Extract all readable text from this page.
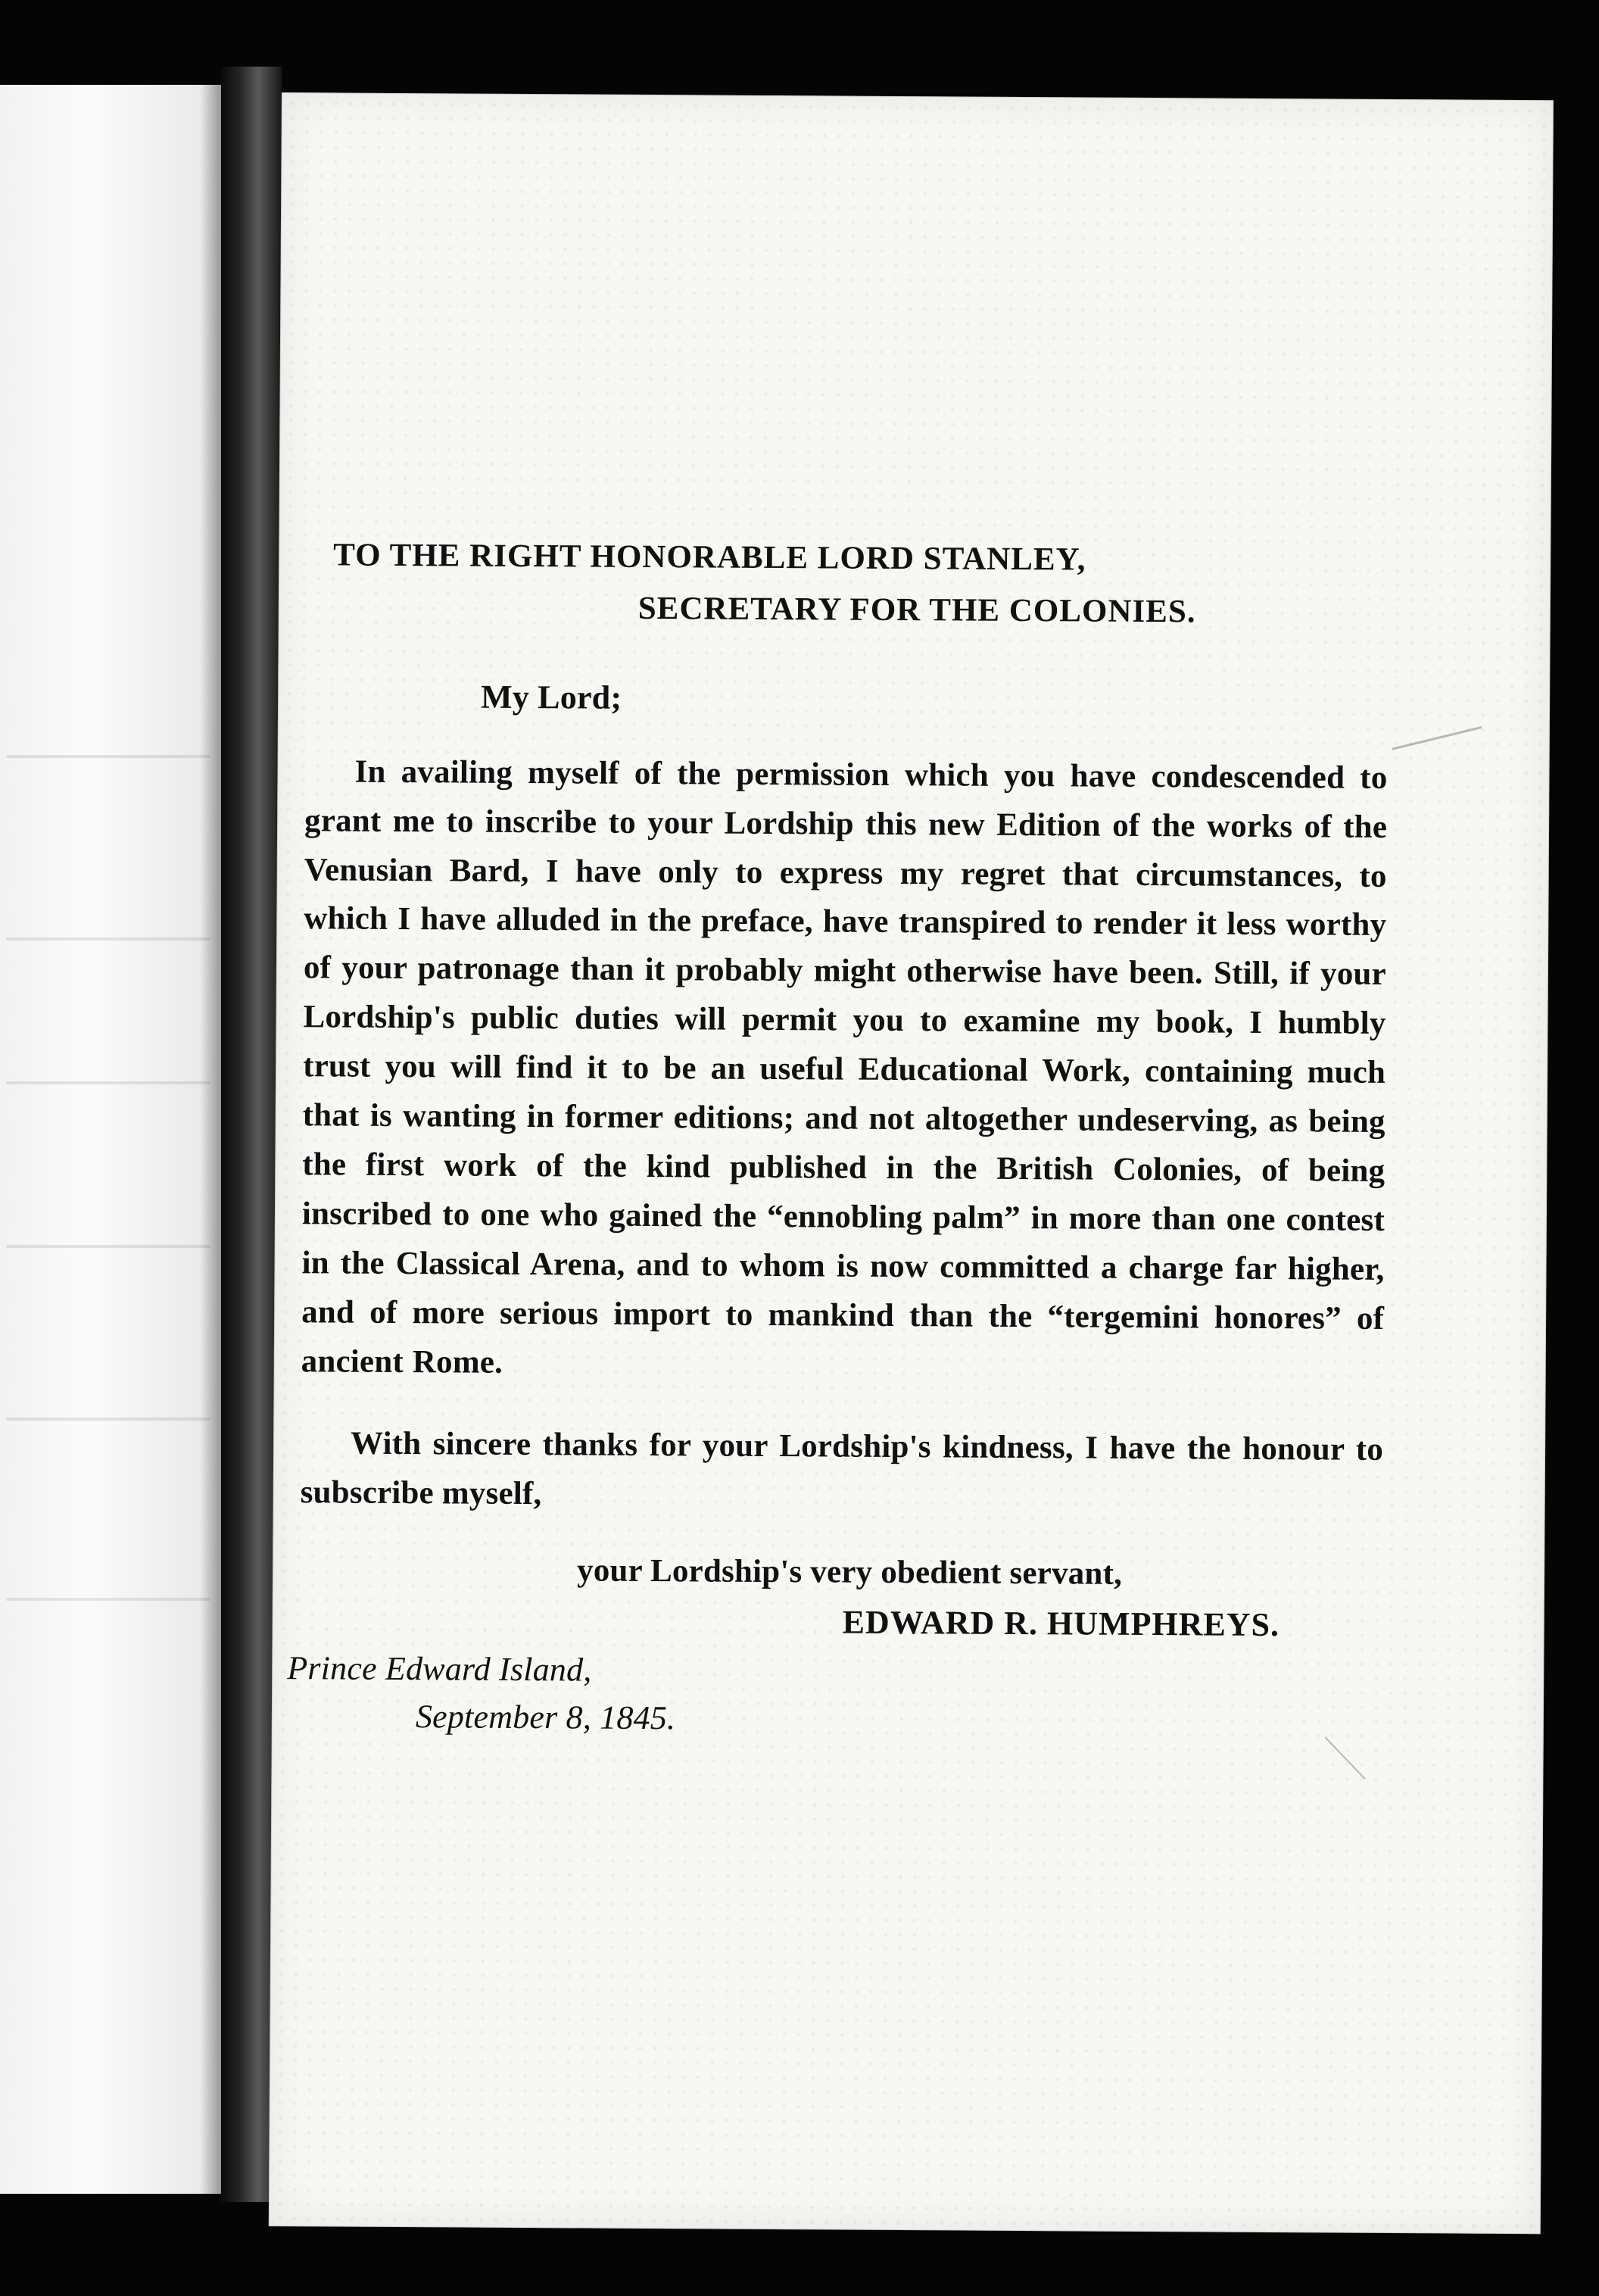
TO THE RIGHT HONORABLE LORD STANLEY,
SECRETARY FOR THE COLONIES.
My Lord;

In availing myself of the permission which you have condescended to grant me to inscribe to your Lordship this new Edition of the works of the Venusian Bard, I have only to express my regret that circumstances, to which I have alluded in the preface, have transpired to render it less worthy of your patronage than it probably might otherwise have been. Still, if your Lordship's public duties will permit you to examine my book, I humbly trust you will find it to be an useful Educational Work, containing much that is wanting in former editions; and not altogether undeserving, as being the first work of the kind published in the British Colonies, of being inscribed to one who gained the “ennobling palm” in more than one contest in the Classical Arena, and to whom is now committed a charge far higher, and of more serious import to mankind than the “tergemini honores” of ancient Rome.

With sincere thanks for your Lordship's kindness, I have the honour to subscribe myself,

your Lordship's very obedient servant,
EDWARD R. HUMPHREYS.
Prince Edward Island,
September 8, 1845.
